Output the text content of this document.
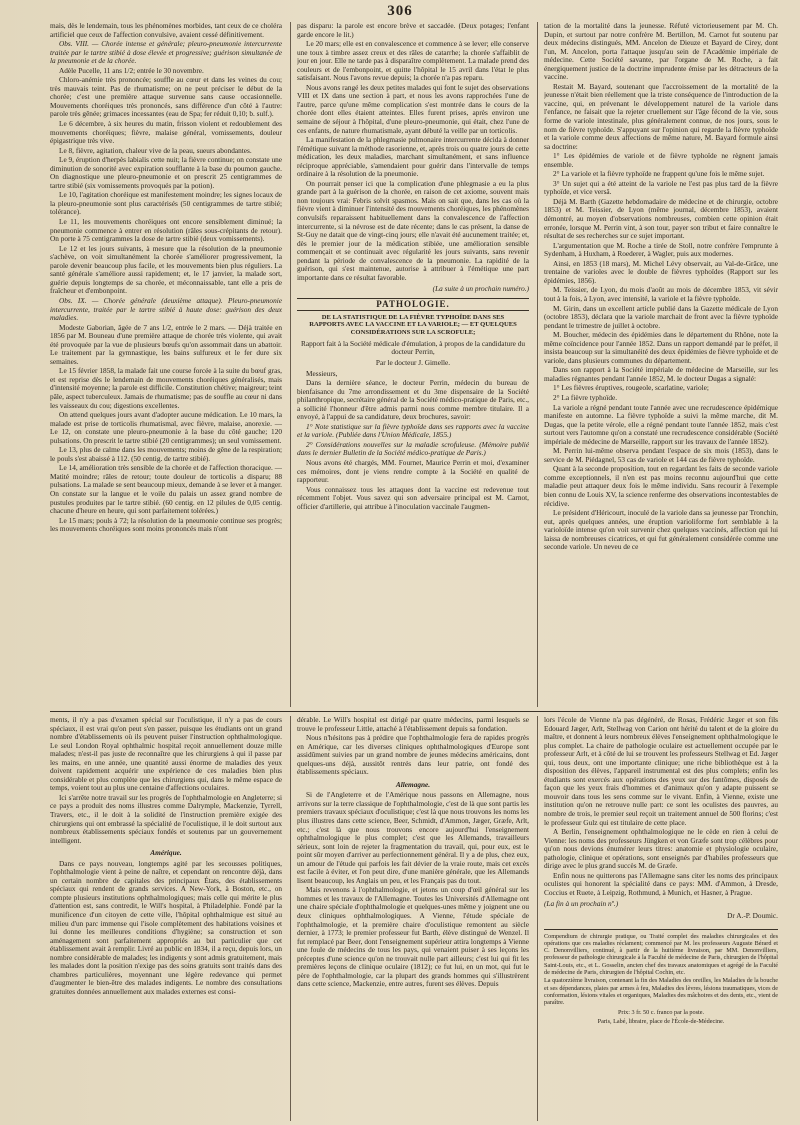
306

mais, dès le lendemain, tous les phénomènes morbides, tant ceux de ce choléra artificiel que ceux de l'affection convulsive, avaient cessé définitivement.

Obs. VIII. — Chorée intense et générale; pleuro-pneumonie intercurrente traitée par le tartre stibié à dose élevée et progressive; guérison simultanée de la pneumonie et de la chorée.

Adèle Pucelle, 11 ans 1/2; entrée le 30 novembre.

Chloro-anémie très prononcée; souffle au cœur et dans les veines du cou; très mauvais teint. Pas de rhumatisme; on ne peut préciser le début de la chorée; c'est une première attaque survenue sans cause occasionnelle. Mouvements choréiques très prononcés, sans différence d'un côté à l'autre: parole très gênée; grimaces incessantes (eau de Spa; fer réduit 0,10; b. sulf.).

Le 6 décembre, à six heures du matin, frisson violent et redoublement des mouvements choréiques; fièvre, malaise général, vomissements, douleur épigastrique très vive.

Le 8, fièvre, agitation, chaleur vive de la peau, sueurs abondantes.

Le 9, éruption d'herpès labialis cette nuit; la fièvre continue; on constate une diminution de sonorité avec expiration soufflante à la base du poumon gauche. On diagnostique une pleuro-pneumonie et on prescrit 25 centigrammes de tartre stibié (six vomissements provoqués par la potion).

Le 10, l'agitation choréique est manifestement moindre; les signes locaux de la pleuro-pneumonie sont plus caractérisés (50 centigrammes de tartre stibié; tolérance).

Le 11, les mouvements choréiques ont encore sensiblement diminué; la pneumonie commence à entrer en résolution (râles sous-crépitants de retour). On porte à 75 centigrammes la dose de tartre stibié (deux vomissements).

Le 12 et les jours suivants, à mesure que la résolution de la pneumonie s'achève, on voit simultanément la chorée s'améliorer progressivement, la parole devenir beaucoup plus facile, et les mouvements bien plus réguliers. La santé générale s'améliore aussi rapidement; et, le 17 janvier, la malade sort, guérie depuis longtemps de sa chorée, et méconnaissable, tant elle a pris de fraîcheur et d'embonpoint.

Obs. IX. — Chorée générale (deuxième attaque). Pleuro-pneumonie intercurrente, traitée par le tartre stibié à haute dose: guérison des deux maladies.

Modeste Gaborian, âgée de 7 ans 1/2, entrée le 2 mars. — Déjà traitée en 1856 par M. Bouneau d'une première attaque de chorée très violente, qui avait été provoquée par la vue de plusieurs bœufs qu'on assommait dans un abattoir. Le traitement par la gymnastique, les bains sulfureux et le fer dure six semaines.

Le 15 février 1858, la malade fait une course forcée à la suite du bœuf gras, et est reprise dès le lendemain de mouvements choréiques généralisés, mais d'intensité moyenne; la parole est difficile. Constitution chétive; maigreur; teint pâle, aspect tuberculeux. Jamais de rhumatisme; pas de souffle au cœur ni dans les vaisseaux du cou; digestions excellentes.

On attend quelques jours avant d'adopter aucune médication. Le 10 mars, la malade est prise de torticolis rhumatismal, avec fièvre, malaise, anorexie. — Le 12, on constate une pleuro-pneumonie à la base du côté gauche; 120 pulsations. On prescrit le tartre stibié (20 centigrammes); un seul vomissement.

Le 13, plus de calme dans les mouvements; moins de gêne de la respiration; le pouls s'est abaissé à 112. (50 centig. de tartre stibié).

Le 14, amélioration très sensible de la chorée et de l'affection thoracique. — Matité moindre; râles de retour; toute douleur de torticolis a disparu; 88 pulsations. La malade se sent beaucoup mieux, demande à se lever et à manger. On constate sur la langue et le voile du palais un assez grand nombre de pustules produites par le tartre stibié. (60 centig. en 12 pilules de 0,05 centig. chacune d'heure en heure, qui sont parfaitement tolérées.)

Le 15 mars; pouls à 72; la résolution de la pneumonie continue ses progrès; les mouvements choréiques sont moins prononcés mais n'ont

pas disparu: la parole est encore brève et saccadée. (Deux potages; l'enfant garde encore le lit.)

Le 20 mars; elle est en convalescence et commence à se lever; elle conserve une toux à timbre assez creux et des râles de catarrhe; la chorée s'affaiblit de jour en jour. Elle ne tarde pas à disparaître complètement. La malade prend des couleurs et de l'embonpoint, et quitte l'hôpital le 15 avril dans l'état le plus satisfaisant. Nous l'avons revue depuis; la chorée n'a pas reparu.

Nous avons rangé les deux petites malades qui font le sujet des observations VIII et IX dans une section à part, et nous les avons rapprochées l'une de l'autre, parce qu'une même complication s'est montrée dans le cours de la chorée dont elles étaient atteintes. Elles furent prises, après environ une semaine de séjour à l'hôpital, d'une pleuro-pneumonie, qui était, chez l'une de ces enfants, de nature rhumatismale, ayant débuté la veille par un torticolis.

La manifestation de la phlegmasie pulmonaire intercurrente décida à donner l'émétique suivant la méthode rasorienne, et, après trois ou quatre jours de cette médication, les deux maladies, marchant simultanément, et sans influence réciproque appréciable, s'amendaient pour guérir dans l'intervalle de temps ordinaire à la résolution de la pneumonie.

On pourrait penser ici que la complication d'une phlegmasie a eu la plus grande part à la guérison de la chorée, en raison de cet axiome, souvent mais non toujours vrai: Febris solvit spasmos. Mais on sait que, dans les cas où la fièvre vient à diminuer l'intensité des mouvements choréiques, les phénomènes convulsifs reparaissent habituellement dans la convalescence de l'affection intercurrente, si la névrose est de date récente; dans le cas présent, la danse de St-Guy ne datait que de vingt-cinq jours; elle n'avait été aucunement traitée; et, dès le premier jour de la médication stibiée, une amélioration sensible commençait et se continuait avec régularité les jours suivants, sans revenir pendant la période de convalescence de la pneumonie. La rapidité de la guérison, qui s'est maintenue, autorise à attribuer à l'émétique une part importante dans ce résultat favorable.

(La suite à un prochain numéro.)

PATHOLOGIE.

DE LA STATISTIQUE DE LA FIÈVRE TYPHOÏDE DANS SES RAPPORTS AVEC LA VACCINE ET LA VARIOLE; — ET QUELQUES CONSIDÉRATIONS SUR LA SCROFULE;

Rapport fait à la Société médicale d'émulation, à propos de la candidature du docteur Perrin,

Par le docteur J. Gimelle.

Messieurs,

Dans la dernière séance, le docteur Perrin, médecin du bureau de bienfaisance du 7me arrondissement et du 3me dispensaire de la Société philanthropique, secrétaire général de la Société médico-pratique de Paris, etc., a sollicité l'honneur d'être admis parmi nous comme membre titulaire. Il a envoyé, à l'appui de sa candidature, deux brochures, savoir:

1° Note statistique sur la fièvre typhoïde dans ses rapports avec la vaccine et la variole. (Publiée dans l'Union Médicale, 1855.)

2° Considérations nouvelles sur la maladie scrofuleuse. (Mémoire publié dans le dernier Bulletin de la Société médico-pratique de Paris.)

Nous avons été chargés, MM. Fournet, Maurice Perrin et moi, d'examiner ces mémoires, dont je viens rendre compte à la Société en qualité de rapporteur.

Vous connaissez tous les attaques dont la vaccine est redevenue tout récemment l'objet. Vous savez qui son adversaire principal est M. Carnot, officier d'artillerie, qui attribue à l'inoculation vaccinale l'augmen-

tation de la mortalité dans la jeunesse. Réfuté victorieusement par M. Ch. Dupin, et surtout par notre confrère M. Bertillon, M. Carnot fut soutenu par deux médecins distingués, MM. Ancelon de Dieuze et Bayard de Cirey, dont l'un, M. Ancelon, porta l'attaque jusqu'au sein de l'Académie impériale de médecine. Cette Société savante, par l'organe de M. Roche, a fait énergiquement justice de la doctrine imprudente émise par les détracteurs de la vaccine.

Restait M. Bayard, soutenant que l'accroissement de la mortalité de la jeunesse n'était bien réellement que la triste conséquence de l'introduction de la vaccine, qui, en prévenant le développement naturel de la variole dans l'enfance, ne faisait que la rejeter cruellement sur l'âge fécond de la vie, sous forme de variole intestinale, plus généralement connue, de nos jours, sous le nom de fièvre typhoïde. S'appuyant sur l'opinion qui regarde la fièvre typhoïde et la variole comme deux affections de même nature, M. Bayard formule ainsi sa doctrine:

1° Les épidémies de variole et de fièvre typhoïde ne règnent jamais ensemble.

2° La variole et la fièvre typhoïde ne frappent qu'une fois le même sujet.

3° Un sujet qui a été atteint de la variole ne l'est pas plus tard de la fièvre typhoïde, et vice versâ.

Déjà M. Barth (Gazette hebdomadaire de médecine et de chirurgie, octobre 1853) et M. Teissier, de Lyon (même journal, décembre 1853), avaient démontré, au moyen d'observations nombreuses, combien cette opinion était erronée, lorsque M. Perrin vint, à son tour, payer son tribut et faire connaître le résultat de ses recherches sur ce sujet important.

L'argumentation que M. Roche a tirée de Stoll, notre confrère l'emprunte à Sydenham, à Huxham, à Roederer, à Wagler, puis aux modernes.

Ainsi, en 1853 (18 mars), M. Michel Lévy observait, au Val-de-Grâce, une trentaine de varioles avec le double de fièvres typhoïdes (Rapport sur les épidémies, 1856).

M. Teissier, de Lyon, du mois d'août au mois de décembre 1853, vit sévir tout à la fois, à Lyon, avec intensité, la variole et la fièvre typhoïde.

M. Girin, dans un excellent article publié dans la Gazette médicale de Lyon (octobre 1853), déclara que la variole marchait de front avec la fièvre typhoïde pendant le trimestre de juillet à octobre.

M. Boucher, médecin des épidémies dans le département du Rhône, note la même coïncidence pour l'année 1852. Dans un rapport demandé par le préfet, il insista beaucoup sur la simultanéité des deux épidémies de fièvre typhoïde et de variole, dans plusieurs communes du département.

Dans son rapport à la Société impériale de médecine de Marseille, sur les maladies régnantes pendant l'année 1852, M. le docteur Dugas a signalé:

1° Les fièvres éruptives, rougeole, scarlatine, variole;

2° La fièvre typhoïde.

La variole a régné pendant toute l'année avec une recrudescence épidémique manifeste en automne. La fièvre typhoïde a suivi la même marche, dit M. Dugas, que la petite vérole, elle a régné pendant toute l'année 1852, mais c'est surtout vers l'automne qu'on a constaté une recrudescence considérable (Société impériale de médecine de Marseille, rapport sur les travaux de l'année 1852).

M. Perrin lui-même observa pendant l'espace de six mois (1853), dans le service de M. Piédagnel, 53 cas de variole et 144 cas de fièvre typhoïde.

Quant à la seconde proposition, tout en regardant les faits de seconde variole comme exceptionnels, il n'en est pas moins reconnu aujourd'hui que cette maladie peut attaquer deux fois le même individu. Sans recourir à l'exemple bien connu de Louis XV, la science renferme des observations incontestables de récidive.

Le président d'Héricourt, inoculé de la variole dans sa jeunesse par Tronchin, eut, après quelques années, une éruption varioliforme fort semblable à la varioloïde intense qu'on voit survenir chez quelques vaccinés, affection qui lui laissa de nombreuses cicatrices, et qui fut généralement considérée comme une seconde variole. Un neveu de ce

ments, il n'y a pas d'examen spécial sur l'oculistique, il n'y a pas de cours spéciaux, il est vrai qu'on peut s'en passer, puisque les étudiants ont un grand nombre d'établissements où ils peuvent puiser l'instruction ophthalmologique. Le seul London Royal ophthalmic hospital reçoit annuellement douze mille malades; n'est-il pas juste de reconnaître que les chirurgiens à qui il passe par les mains, en une année, une quantité aussi énorme de maladies des yeux doivent rapidement acquérir une expérience de ces maladies bien plus considérable et plus complète que les chirurgiens qui, dans le même espace de temps, voient tout au plus une centaine d'affections oculaires.

Ici s'arrête notre travail sur les progrès de l'ophthalmologie en Angleterre; si ce pays a produit des noms illustres comme Dalrymple, Mackenzie, Tyrrell, Travers, etc., il le doit à la solidité de l'instruction première exigée des chirurgiens qui ont embrassé la spécialité de l'oculistique, il le doit surtout aux nombreux établissements spéciaux fondés et soutenus par un gouvernement intelligent.

Amérique.

Dans ce pays nouveau, longtemps agité par les secousses politiques, l'ophthalmologie vient à peine de naître, et cependant on rencontre déjà, dans un certain nombre de capitales des principaux États, des établissements spéciaux qui rendent de grands services. A New-York, à Boston, etc., on compte plusieurs institutions ophthalmologiques; mais celle qui mérite le plus d'attention est, sans contredit, le Will's hospital, à Philadelphie. Fondé par la munificence d'un citoyen de cette ville, l'hôpital ophthalmique est situé au milieu d'un parc immense qui l'isole complètement des habitations voisines et lui donne les meilleures conditions d'hygiène; sa construction et son aménagement sont parfaitement appropriés au but particulier que cet établissement avait à remplir. Livré au public en 1834, il a reçu, depuis lors, un nombre considérable de malades; les indigents y sont admis gratuitement, mais les malades dont la position n'exige pas des soins gratuits sont traités dans des chambres particulières, moyennant une légère redevance qui permet d'augmenter le bien-être des malades indigents. Le nombre des consultations gratuites données annuellement aux malades externes est consi-

dérable. Le Will's hospital est dirigé par quatre médecins, parmi lesquels se trouve le professeur Little, attaché à l'établissement depuis sa fondation.

Nous n'hésitons pas à prédire que l'ophthalmologie fera de rapides progrès en Amérique, car les diverses cliniques ophthalmologiques d'Europe sont assidûment suivies par un grand nombre de jeunes médecins américains, dont quelques-uns déjà, aussitôt rentrés dans leur patrie, ont fondé des établissements spéciaux.

Allemagne.

Si de l'Angleterre et de l'Amérique nous passons en Allemagne, nous arrivons sur la terre classique de l'ophthalmologie, c'est de là que sont partis les premiers travaux spéciaux d'oculistique; c'est là que nous trouvons les noms les plus illustres dans cette science, Beer, Schmidt, d'Ammon, Jæger, Græfe, Arlt, etc.; c'est là que nous trouvons encore aujourd'hui l'enseignement ophthalmologique le plus complet; c'est que les Allemands, travailleurs sérieux, sont loin de rejeter la fragmentation du travail, qui, pour eux, est le point sûr moyen d'arriver au perfectionnement général. Il y a de plus, chez eux, un amour de l'étude qui parfois les fait dévier de la vraie route, mais cet excès est facile à éviter, et l'on peut dire, d'une manière générale, que les Allemands lisent beaucoup, les Anglais un peu, et les Français pas du tout.

Mais revenons à l'ophthalmologie, et jetons un coup d'œil général sur les hommes et les travaux de l'Allemagne. Toutes les Universités d'Allemagne ont une chaire spéciale d'ophthalmologie et quelques-unes même y joignent une ou deux cliniques ophthalmologiques. A Vienne, l'étude spéciale de l'ophthalmologie, et la première chaire d'oculistique remontent au siècle dernier, à 1773; le premier professeur fut Barth, élève distingué de Wenzel. Il fut remplacé par Beer, dont l'enseignement supérieur attira longtemps à Vienne une foule de médecins de tous les pays, qui venaient puiser à ses leçons les préceptes d'une science qu'on ne trouvait nulle part ailleurs; c'est lui qui fit les premières leçons de clinique oculaire (1812); ce fut lui, en un mot, qui fut le père de l'ophthalmologie, car la plupart des grands hommes qui s'illustrèrent dans cette science, Mackenzie, entre autres, furent ses élèves. Depuis

lors l'école de Vienne n'a pas dégénéré, de Rosas, Frédéric Jæger et son fils Edouard Jæger, Arlt, Stellwag von Carion ont hérité du talent et de la gloire du maître, et donnent à leurs nombreux élèves l'enseignement ophthalmologique le plus complet. La chaire de pathologie oculaire est actuellement occupée par le professeur Arlt, et à côté de lui se trouvent les professeurs Stellwag et Ed. Jæger qui, tous deux, ont une importante clinique; une riche bibliothèque est à la disposition des élèves, l'appareil instrumental est des plus complets; enfin les étudiants sont exercés aux opérations des yeux sur des fantômes, disposés de façon que les yeux frais d'hommes et d'animaux qu'on y adapte puissent se mouvoir dans tous les sens comme sur le vivant. Enfin, à Vienne, existe une institution qu'on ne retrouve nulle part: ce sont les oculistes des pauvres, au nombre de trois, le premier seul reçoit un traitement annuel de 500 florins; c'est le professeur Gulz qui est titulaire de cette place.

A Berlin, l'enseignement ophthalmologique ne le cède en rien à celui de Vienne: les noms des professeurs Jüngken et von Græfe sont trop célèbres pour qu'on nous devions énumérer leurs titres: anatomie et physiologie oculaire, pathologie, clinique et opérations, sont enseignés par d'habiles professeurs que dirige avec le plus grand succès M. de Græfe.

Enfin nous ne quitterons pas l'Allemagne sans citer les noms des principaux oculistes qui honorent la spécialité dans ce pays: MM. d'Ammon, à Dresde, Coccius et Ruete, à Leipzig, Rothmund, à Munich, et Hasner, à Prague.

(La fin à un prochain nº.)

Dr A.-P. Doumic.

Compendium de chirurgie pratique, ou Traité complet des maladies chirurgicales et des opérations que ces maladies réclament; commencé par M. les professeurs Auguste Bérard et C. Denonvilliers, continué, à partir de la huitième livraison, par MM. Denonvilliers, professeur de pathologie chirurgicale à la Faculté de médecine de Paris, chirurgien de l'hôpital Saint-Louis, etc., et L. Gosselin, ancien chef des travaux anatomiques et agrégé de la Faculté de médecine de Paris, chirurgien de l'hôpital Cochin, etc.

La quatorzième livraison, contenant la fin des Maladies des oreilles, les Maladies de la bouche et ses dépendances, plaies par armes à feu, Maladies des lèvres, lésions traumatiques, vices de conformation, lésions vitales et organiques, Maladies des mâchoires et des dents, etc., vient de paraître.

Prix: 3 fr. 50 c. franco par la poste.

Paris, Labé, libraire, place de l'École-de-Médecine.
